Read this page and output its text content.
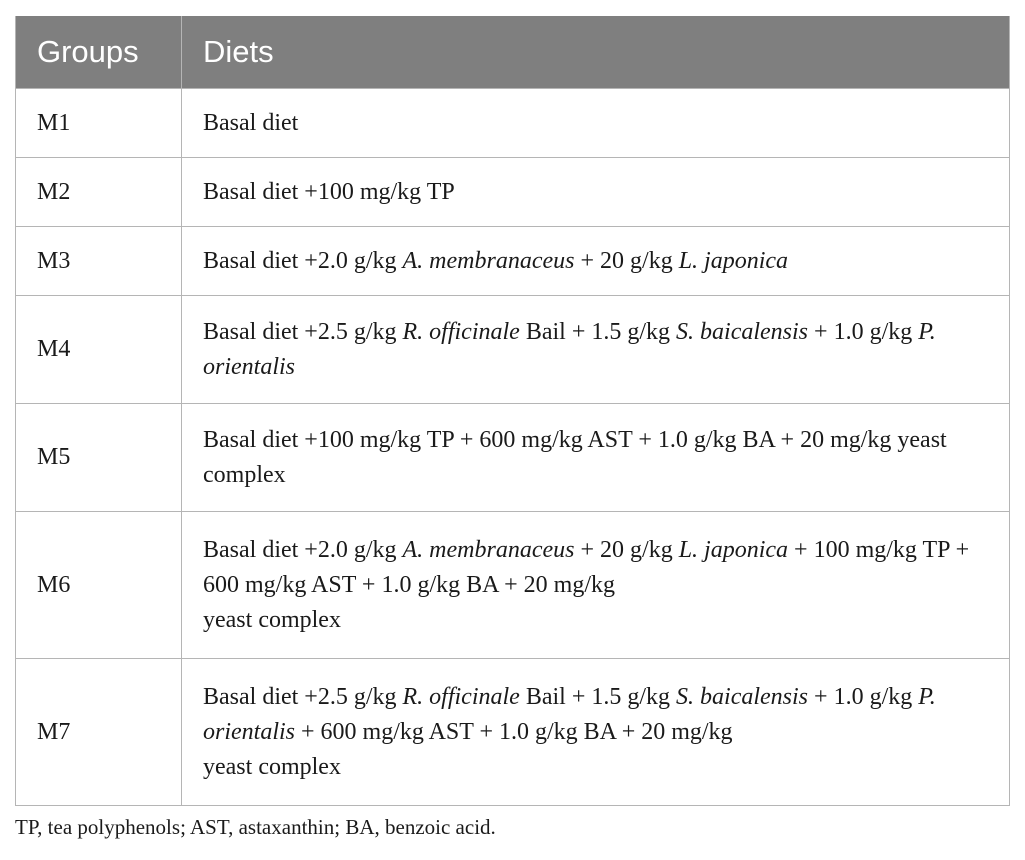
Groups	Diets
M1	Basal diet
M2	Basal diet +100 mg/kg TP
M3	Basal diet +2.0 g/kg A. membranaceus + 20 g/kg L. japonica
M4	Basal diet +2.5 g/kg R. officinale Bail + 1.5 g/kg S. baicalensis + 1.0 g/kg P. orientalis
M5	Basal diet +100 mg/kg TP + 600 mg/kg AST + 1.0 g/kg BA + 20 mg/kg yeast complex
M6	Basal diet +2.0 g/kg A. membranaceus + 20 g/kg L. japonica + 100 mg/kg TP + 600 mg/kg AST + 1.0 g/kg BA + 20 mg/kg
yeast complex
M7	Basal diet +2.5 g/kg R. officinale Bail + 1.5 g/kg S. baicalensis + 1.0 g/kg P. orientalis + 600 mg/kg AST + 1.0 g/kg BA + 20 mg/kg
yeast complex
TP, tea polyphenols; AST, astaxanthin; BA, benzoic acid.
